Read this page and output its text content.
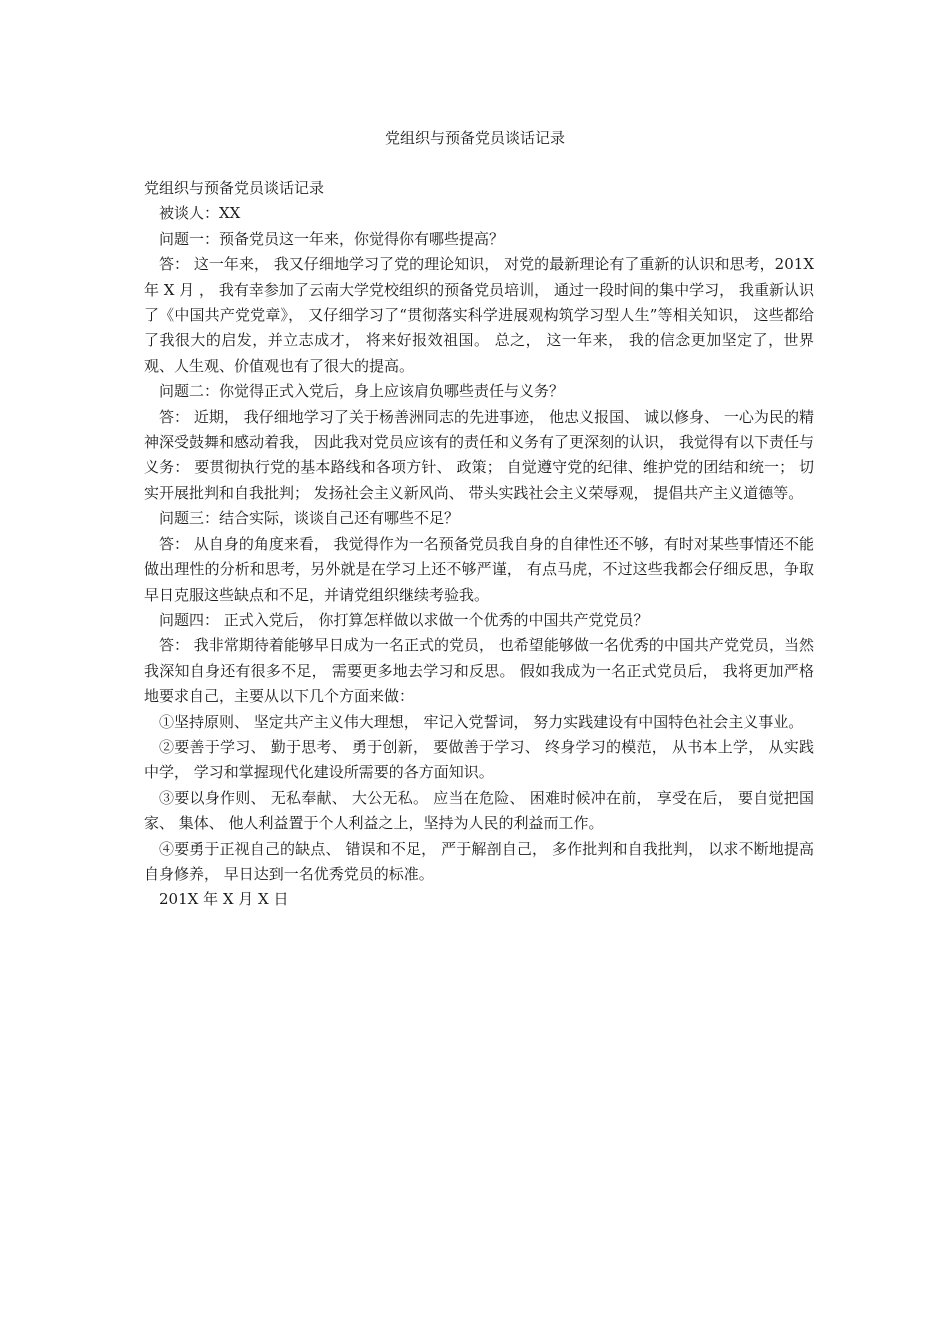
党组织与预备党员谈话记录

党组织与预备党员谈话记录

被谈人：XX

问题一：预备党员这一年来，你觉得你有哪些提高？

答： 这一年来， 我又仔细地学习了党的理论知识， 对党的最新理论有了重新的认识和思考，201X 年 X 月 ， 我有幸参加了云南大学党校组织的预备党员培训， 通过一段时间的集中学习， 我重新认识了《中国共产党党章》， 又仔细学习了“贯彻落实科学进展观构筑学习型人生”等相关知识， 这些都给了我很大的启发，并立志成才， 将来好报效祖国。 总之， 这一年来， 我的信念更加坚定了，世界观、人生观、价值观也有了很大的提高。

问题二：你觉得正式入党后，身上应该肩负哪些责任与义务？

答： 近期， 我仔细地学习了关于杨善洲同志的先进事迹， 他忠义报国、 诚以修身、 一心为民的精神深受鼓舞和感动着我， 因此我对党员应该有的责任和义务有了更深刻的认识， 我觉得有以下责任与义务： 要贯彻执行党的基本路线和各项方针、 政策； 自觉遵守党的纪律、维护党的团结和统一； 切实开展批判和自我批判； 发扬社会主义新风尚、 带头实践社会主义荣辱观， 提倡共产主义道德等。

问题三：结合实际，谈谈自己还有哪些不足？

答： 从自身的角度来看， 我觉得作为一名预备党员我自身的自律性还不够，有时对某些事情还不能做出理性的分析和思考，另外就是在学习上还不够严谨， 有点马虎，不过这些我都会仔细反思，争取早日克服这些缺点和不足，并请党组织继续考验我。

问题四： 正式入党后， 你打算怎样做以求做一个优秀的中国共产党党员？

答： 我非常期待着能够早日成为一名正式的党员， 也希望能够做一名优秀的中国共产党党员，当然我深知自身还有很多不足， 需要更多地去学习和反思。 假如我成为一名正式党员后， 我将更加严格地要求自己，主要从以下几个方面来做：

①坚持原则、 坚定共产主义伟大理想， 牢记入党誓词， 努力实践建设有中国特色社会主义事业。

②要善于学习、 勤于思考、 勇于创新， 要做善于学习、 终身学习的模范， 从书本上学， 从实践中学， 学习和掌握现代化建设所需要的各方面知识。

③要以身作则、 无私奉献、 大公无私。 应当在危险、 困难时候冲在前， 享受在后， 要自觉把国家、 集体、 他人利益置于个人利益之上，坚持为人民的利益而工作。

④要勇于正视自己的缺点、 错误和不足， 严于解剖自己， 多作批判和自我批判， 以求不断地提高自身修养， 早日达到一名优秀党员的标准。

201X 年 X 月 X 日
